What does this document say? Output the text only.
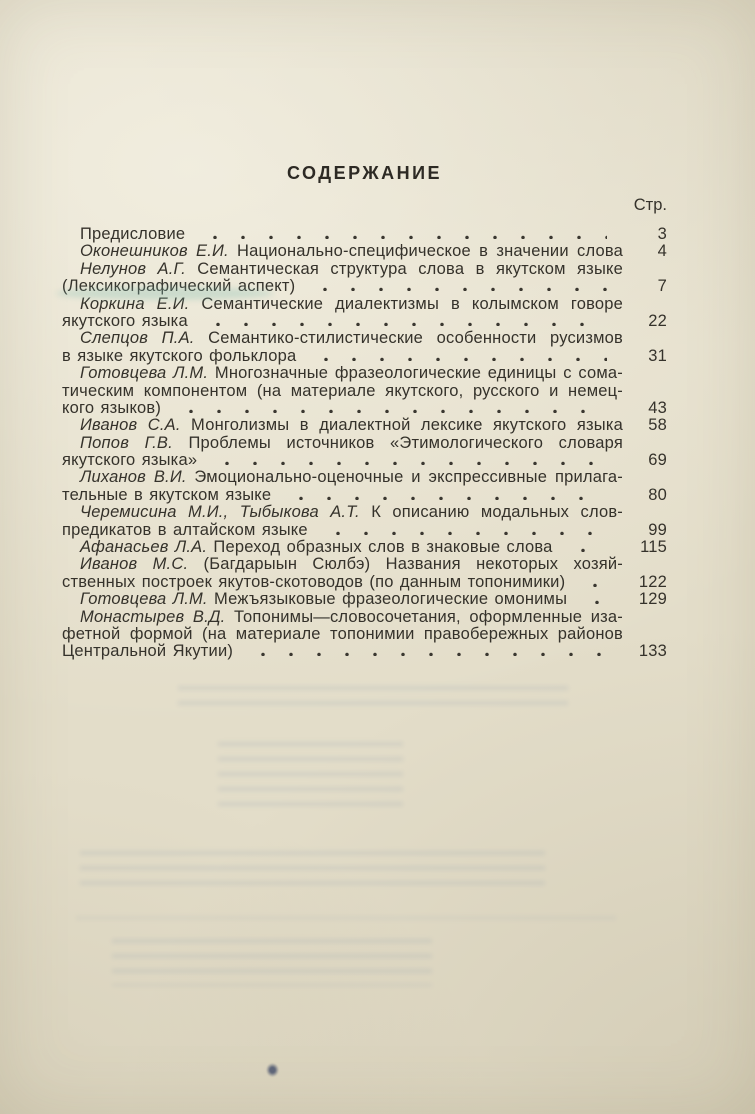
СОДЕРЖАНИЕ
Стр.
Предисловие	3
Оконешников Е.И. Национально-специфическое в значении слова	4
Нелунов А.Г. Семантическая структура слова в якутском языке
(Лексикографический аспект)	7
Коркина Е.И. Семантические диалектизмы в колымском говоре
якутского языка	22
Слепцов П.А. Семантико-стилистические особенности русизмов
в языке якутского фольклора	31
Готовцева Л.М. Многозначные фразеологические единицы с сома-
тическим компонентом (на материале якутского, русского и немец-
кого языков)	43
Иванов С.А. Монголизмы в диалектной лексике якутского языка	58
Попов Г.В. Проблемы источников «Этимологического словаря
якутского языка»	69
Лиханов В.И. Эмоционально-оценочные и экспрессивные прилага-
тельные в якутском языке	80
Черемисина М.И., Тыбыкова А.Т. К описанию модальных слов-
предикатов в алтайском языке	99
Афанасьев Л.А. Переход образных слов в знаковые слова	115
Иванов М.С. (Багдарыын Сюлбэ) Названия некоторых хозяй-
ственных построек якутов-скотоводов (по данным топонимики)	122
Готовцева Л.М. Межъязыковые фразеологические омонимы	129
Монастырев В.Д. Топонимы—словосочетания, оформленные иза-
фетной формой (на материале топонимии правобережных районов
Центральной Якутии)	133
